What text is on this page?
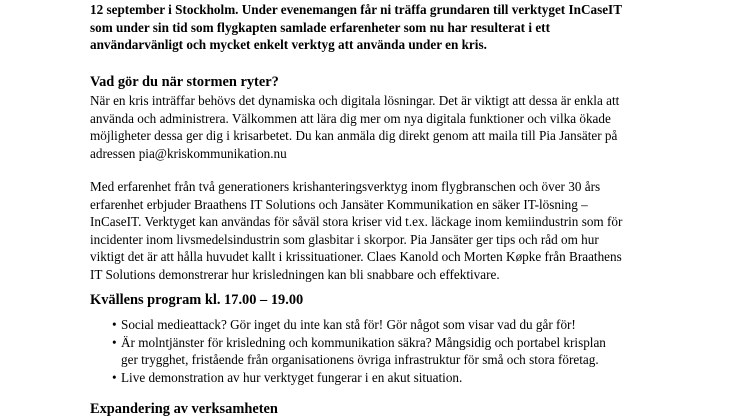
12 september i Stockholm. Under evenemangen får ni träffa grundaren till verktyget InCaseIT

som under sin tid som flygkapten samlade erfarenheter som nu har resulterat i ett

användarvänligt och mycket enkelt verktyg att använda under en kris.

Vad gör du när stormen ryter?

När en kris inträffar behövs det dynamiska och digitala lösningar. Det är viktigt att dessa är enkla att

använda och administrera. Välkommen att lära dig mer om nya digitala funktioner och vilka ökade

möjligheter dessa ger dig i krisarbetet. Du kan anmäla dig direkt genom att maila till Pia Jansäter på

adressen pia@kriskommunikation.nu

Med erfarenhet från två generationers krishanteringsverktyg inom flygbranschen och över 30 års

erfarenhet erbjuder Braathens IT Solutions och Jansäter Kommunikation en säker IT-lösning –

InCaseIT. Verktyget kan användas för såväl stora kriser vid t.ex. läckage inom kemiindustrin som för

incidenter inom livsmedelsindustrin som glasbitar i skorpor. Pia Jansäter ger tips och råd om hur

viktigt det är att hålla huvudet kallt i krissituationer. Claes Kanold och Morten Køpke från Braathens

IT Solutions demonstrerar hur krisledningen kan bli snabbare och effektivare.

Kvällens program kl. 17.00 – 19.00
• Social medieattack? Gör inget du inte kan stå för! Gör något som visar vad du går för!

• Är molntjänster för krisledning och kommunikation säkra? Mångsidig och portabel krisplan

ger trygghet, fristående från organisationens övriga infrastruktur för små och stora företag.

• Live demonstration av hur verktyget fungerar i en akut situation.

Expandering av verksamheten
